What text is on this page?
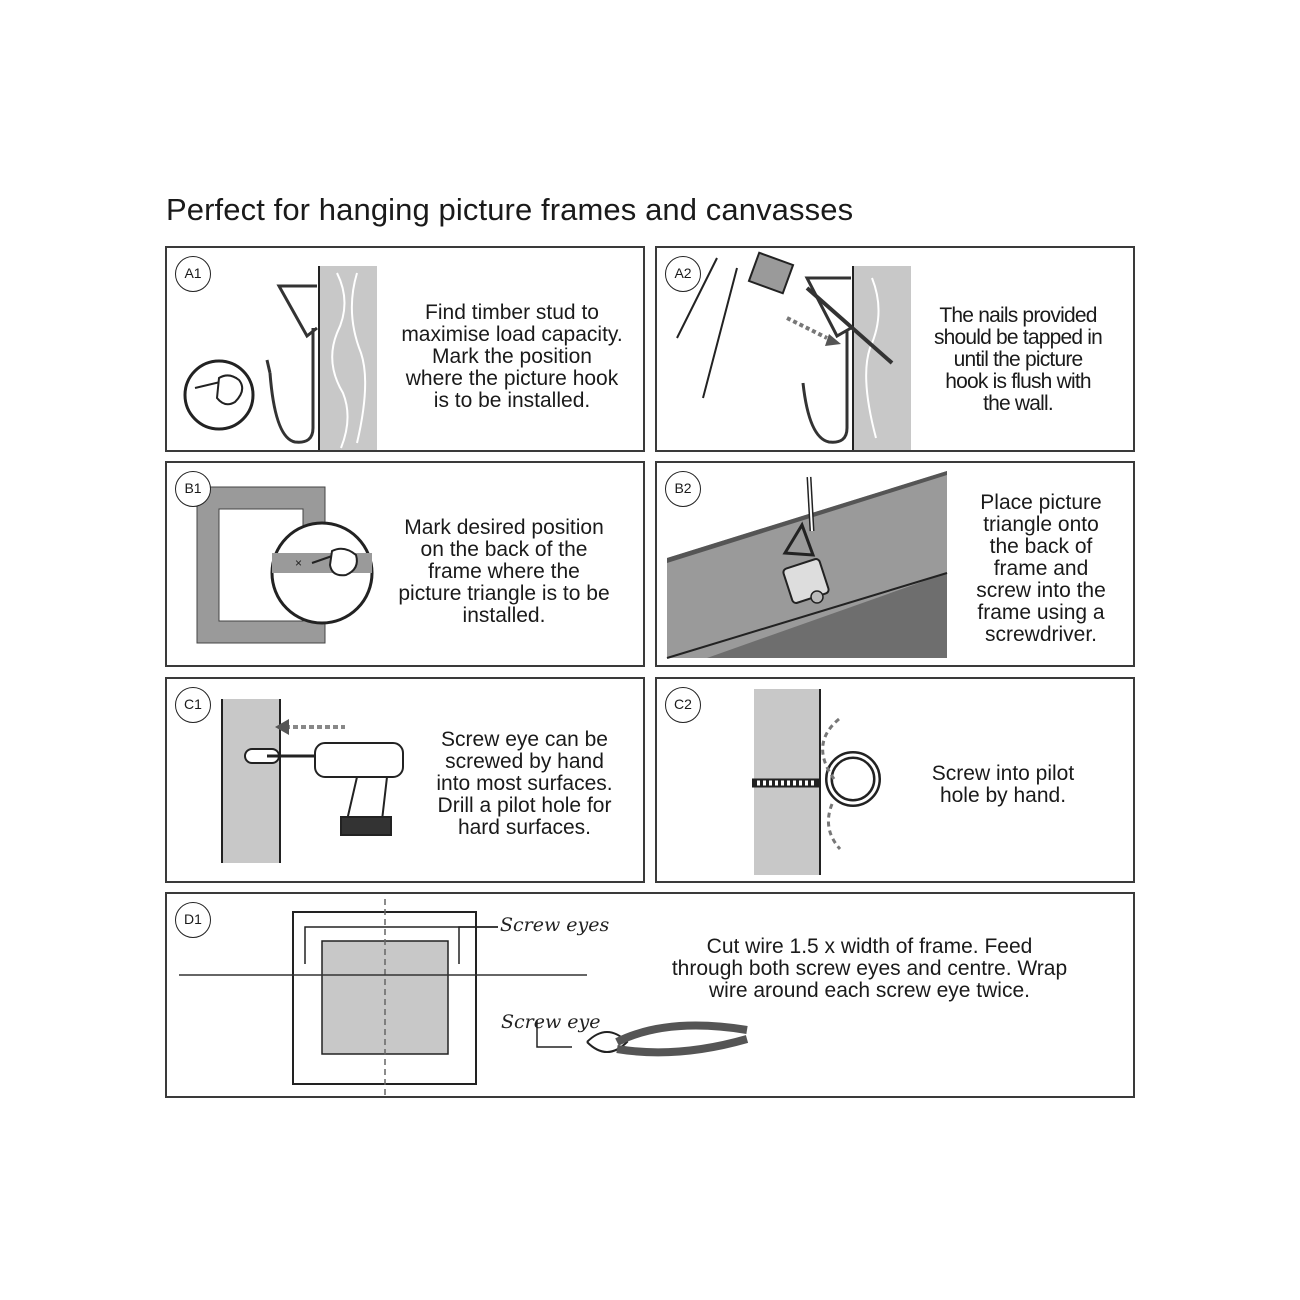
Perfect for hanging picture frames and canvasses
A1
Find timber stud to
maximise load capacity.
Mark the position
where the picture hook
is to be installed.
A2
The nails provided
should be tapped in
until the picture
hook is flush with
the wall.
B1
×
Mark desired position
on the back of the
frame where the
picture triangle is to be
installed.
B2
Place picture
triangle onto
the back of
frame and
screw into the
frame using a
screwdriver.
C1
Screw eye can be
screwed by hand
into most surfaces.
Drill a pilot hole for
hard surfaces.
C2
Screw into pilot
hole by hand.
D1	Screw eyes
Screw eye
Cut wire 1.5 x width of frame. Feed
through both screw eyes and centre. Wrap
wire around each screw eye twice.
